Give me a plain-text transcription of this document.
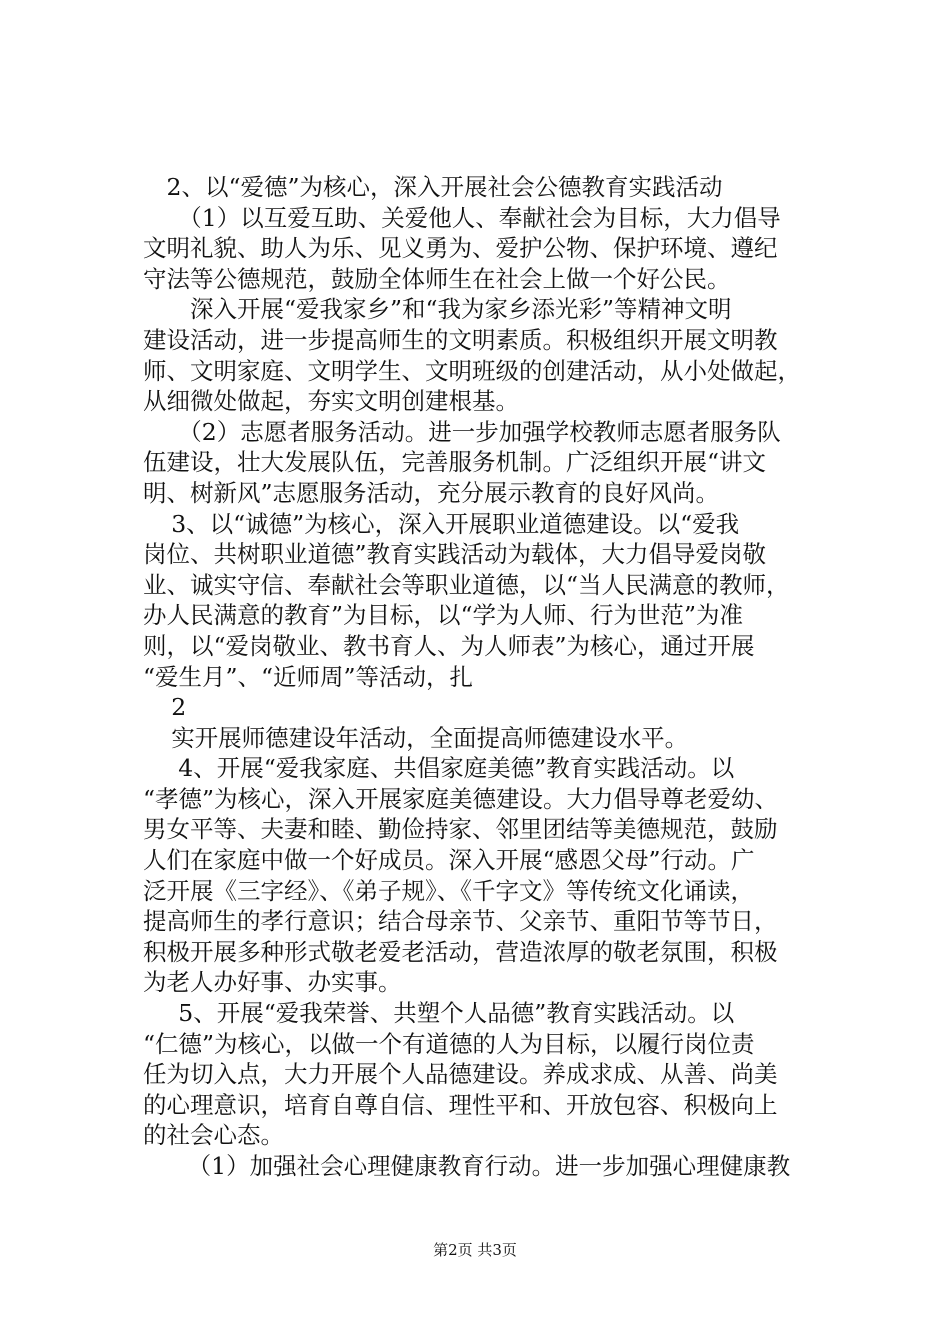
2、以“爱德”为核心，深入开展社会公德教育实践活动
（1）以互爱互助、关爱他人、奉献社会为目标，大力倡导
文明礼貌、助人为乐、见义勇为、爱护公物、保护环境、遵纪
守法等公德规范，鼓励全体师生在社会上做一个好公民。
深入开展“爱我家乡”和“我为家乡添光彩”等精神文明
建设活动，进一步提高师生的文明素质。积极组织开展文明教
师、文明家庭、文明学生、文明班级的创建活动，从小处做起，
从细微处做起，夯实文明创建根基。
（2）志愿者服务活动。进一步加强学校教师志愿者服务队
伍建设，壮大发展队伍，完善服务机制。广泛组织开展“讲文
明、树新风”志愿服务活动，充分展示教育的良好风尚。
3、以“诚德”为核心，深入开展职业道德建设。以“爱我
岗位、共树职业道德”教育实践活动为载体，大力倡导爱岗敬
业、诚实守信、奉献社会等职业道德，以“当人民满意的教师，
办人民满意的教育”为目标，以“学为人师、行为世范”为准
则，以“爱岗敬业、教书育人、为人师表”为核心，通过开展
“爱生月”、“近师周”等活动，扎
2
实开展师德建设年活动，全面提高师德建设水平。
4、开展“爱我家庭、共倡家庭美德”教育实践活动。以
“孝德”为核心，深入开展家庭美德建设。大力倡导尊老爱幼、
男女平等、夫妻和睦、勤俭持家、邻里团结等美德规范，鼓励
人们在家庭中做一个好成员。深入开展“感恩父母”行动。广
泛开展《三字经》、《弟子规》、《千字文》等传统文化诵读，
提高师生的孝行意识；结合母亲节、父亲节、重阳节等节日，
积极开展多种形式敬老爱老活动，营造浓厚的敬老氛围，积极
为老人办好事、办实事。
5、开展“爱我荣誉、共塑个人品德”教育实践活动。以
“仁德”为核心，以做一个有道德的人为目标，以履行岗位责
任为切入点，大力开展个人品德建设。养成求成、从善、尚美
的心理意识，培育自尊自信、理性平和、开放包容、积极向上
的社会心态。
（1）加强社会心理健康教育行动。进一步加强心理健康教
第2页 共3页
